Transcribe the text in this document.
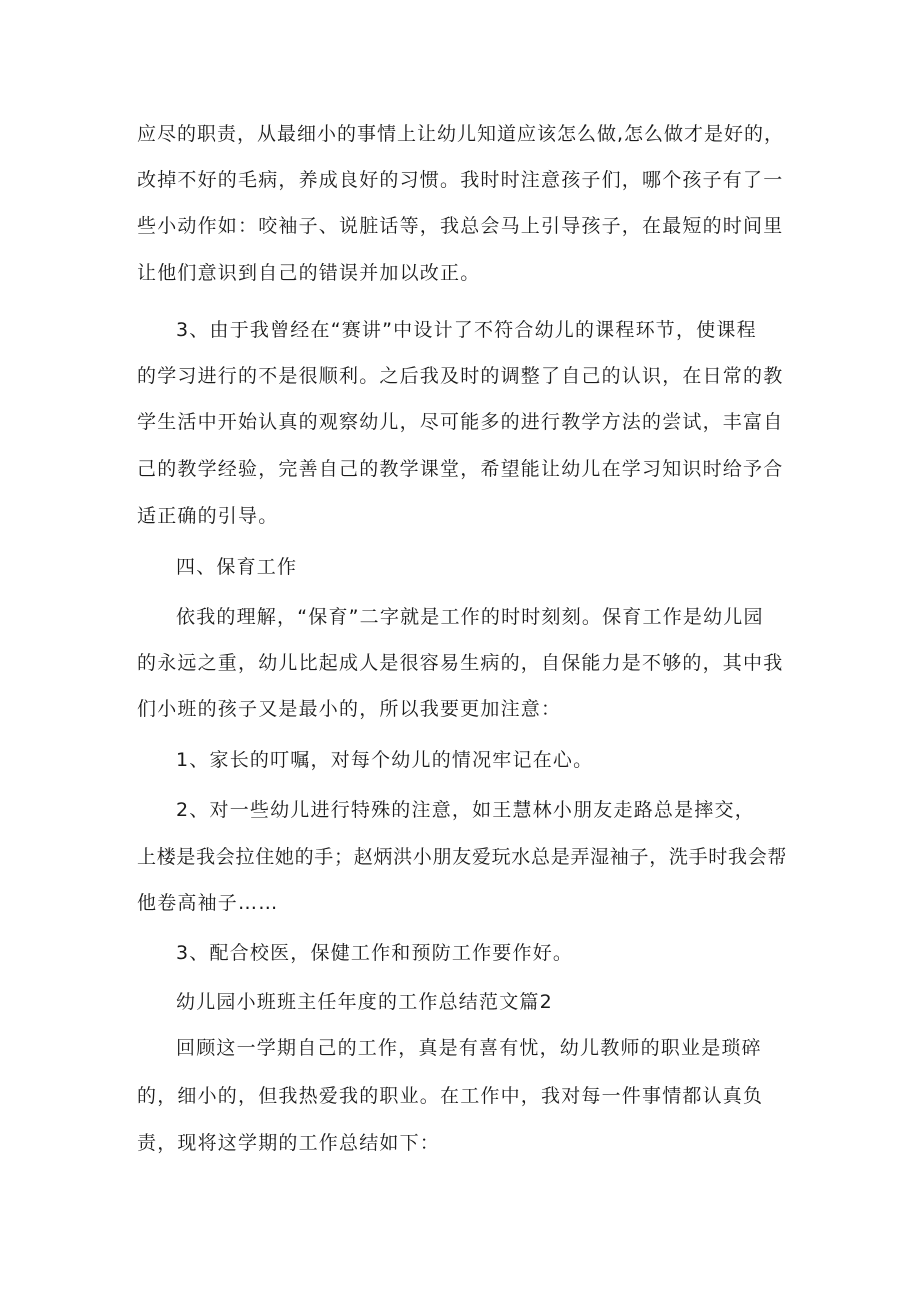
应尽的职责，从最细小的事情上让幼儿知道应该怎么做,怎么做才是好的，
改掉不好的毛病，养成良好的习惯。我时时注意孩子们，哪个孩子有了一
些小动作如：咬袖子、说脏话等，我总会马上引导孩子，在最短的时间里
让他们意识到自己的错误并加以改正。
3、由于我曾经在“赛讲”中设计了不符合幼儿的课程环节，使课程
的学习进行的不是很顺利。之后我及时的调整了自己的认识，在日常的教
学生活中开始认真的观察幼儿，尽可能多的进行教学方法的尝试，丰富自
己的教学经验，完善自己的教学课堂，希望能让幼儿在学习知识时给予合
适正确的引导。
四、保育工作
依我的理解，“保育”二字就是工作的时时刻刻。保育工作是幼儿园
的永远之重，幼儿比起成人是很容易生病的，自保能力是不够的，其中我
们小班的孩子又是最小的，所以我要更加注意：
1、家长的叮嘱，对每个幼儿的情况牢记在心。
2、对一些幼儿进行特殊的注意，如王慧林小朋友走路总是摔交，
上楼是我会拉住她的手；赵炳洪小朋友爱玩水总是弄湿袖子，洗手时我会帮
他卷高袖子……
3、配合校医，保健工作和预防工作要作好。
幼儿园小班班主任年度的工作总结范文篇2
回顾这一学期自己的工作，真是有喜有忧，幼儿教师的职业是琐碎
的，细小的，但我热爱我的职业。在工作中，我对每一件事情都认真负
责，现将这学期的工作总结如下：
